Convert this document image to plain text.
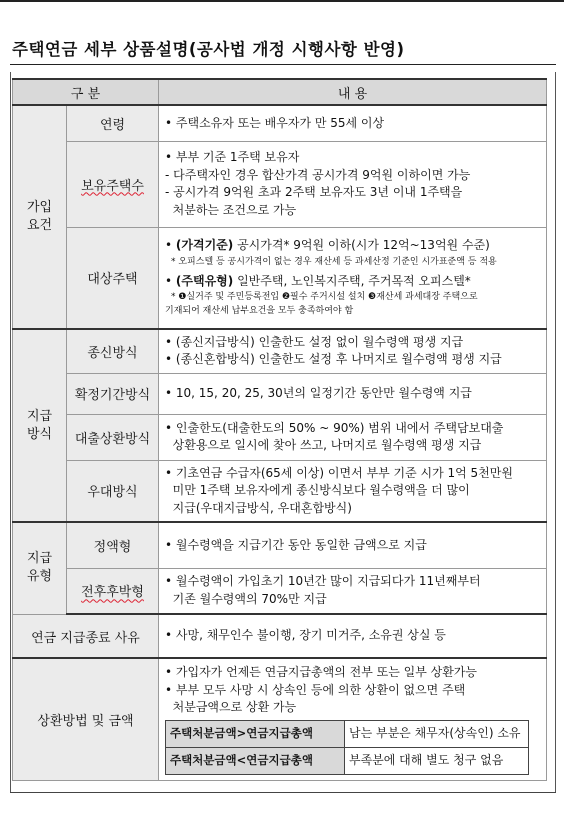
주택연금 세부 상품설명(공사법 개정 시행사항 반영)
구 분	내 용
가입
요건	연령	• 주택소유자 또는 배우자가 만 55세 이상

보유주택수	
• 부부 기준 1주택 보유자
- 다주택자인 경우 합산가격 공시가격 9억원 이하이면 가능
- 공시가격 9억원 초과 2주택 보유자도 3년 이내 1주택을
처분하는 조건으로 가능

대상주택	
• (가격기준) 공시가격* 9억원 이하(시가 12억~13억원 수준)
* 오피스텔 등 공시가격이 없는 경우 재산세 등 과세산정 기준인 시가표준액 등 적용
• (주택유형) 일반주택, 노인복지주택, 주거목적 오피스텔*
* ❶실거주 및 주민등록전입 ❷필수 주거시설 설치 ❸재산세 과세대장 주택으로
기재되어 재산세 납부요건을 모두 충족하여야 함

지급
방식	종신방식	
• (종신지급방식) 인출한도 설정 없이 월수령액 평생 지급
• (종신혼합방식) 인출한도 설정 후 나머지로 월수령액 평생 지급

확정기간방식	• 10, 15, 20, 25, 30년의 일정기간 동안만 월수령액 지급

대출상환방식	
• 인출한도(대출한도의 50% ~ 90%) 범위 내에서 주택담보대출
상환용으로 일시에 찾아 쓰고, 나머지로 월수령액 평생 지급

우대방식	
• 기초연금 수급자(65세 이상) 이면서 부부 기준 시가 1억 5천만원
미만 1주택 보유자에게 종신방식보다 월수령액을 더 많이
지급(우대지급방식, 우대혼합방식)

지급
유형	정액형	• 월수령액을 지급기간 동안 동일한 금액으로 지급

전후후박형	
• 월수령액이 가입초기 10년간 많이 지급되다가 11년째부터
기존 월수령액의 70%만 지급

연금 지급종료 사유	• 사망, 채무인수 불이행, 장기 미거주, 소유권 상실 등

상환방법 및 금액	
• 가입자가 언제든 연금지급총액의 전부 또는 일부 상환가능
• 부부 모두 사망 시 상속인 등에 의한 상환이 없으면 주택
처분금액으로 상환 가능
주택처분금액>연금지급총액	남는 부분은 채무자(상속인) 소유
주택처분금액<연금지급총액	부족분에 대해 별도 청구 없음
